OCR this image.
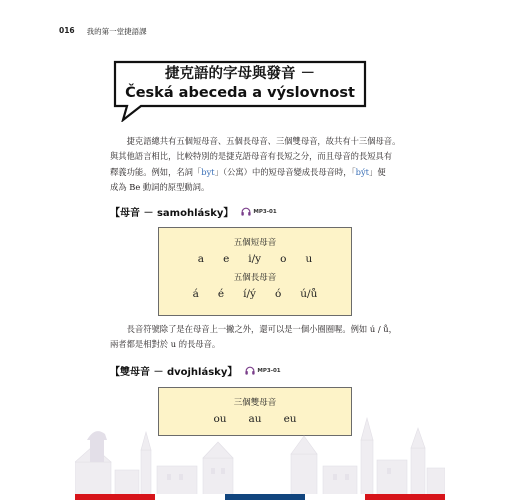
016 我的第一堂捷語課
捷克語的字母與發音 －
Česká abeceda a výslovnost

捷克語總共有五個短母音、五個長母音、三個雙母音，故共有十三個母音。

與其他語言相比，比較特別的是捷克語母音有長短之分，而且母音的長短具有

釋義功能。例如，名詞「byt」（公寓）中的短母音變成長母音時，「být」便

成為 Be 動詞的原型動詞。

【母音 － samohlásky】	MP3-01
五個短母音
a e i/y o u
五個長母音
á é í/ý ó ú/ů

長音符號除了是在母音上一撇之外，還可以是一個小圈圈喔。例如 ú / ů，

兩者都是相對於 u 的長母音。

【雙母音 － dvojhlásky】	MP3-01
三個雙母音
ou au eu
